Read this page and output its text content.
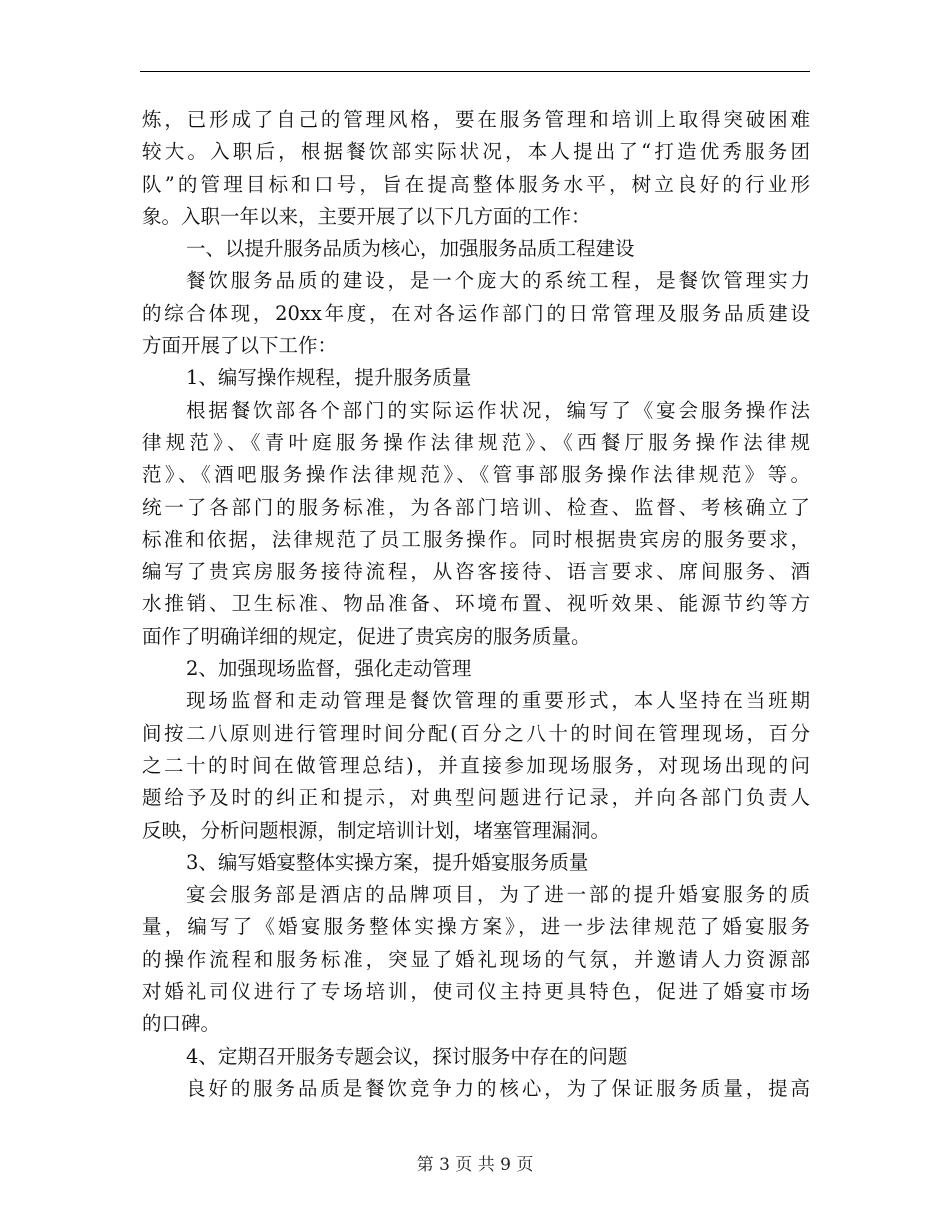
炼，已形成了自己的管理风格，要在服务管理和培训上取得突破困难
较大。入职后，根据餐饮部实际状况，本人提出了“打造优秀服务团
队”的管理目标和口号，旨在提高整体服务水平，树立良好的行业形
象。入职一年以来，主要开展了以下几方面的工作：
一、以提升服务品质为核心，加强服务品质工程建设
餐饮服务品质的建设，是一个庞大的系统工程，是餐饮管理实力
的综合体现，20xx年度，在对各运作部门的日常管理及服务品质建设
方面开展了以下工作：
1、编写操作规程，提升服务质量
根据餐饮部各个部门的实际运作状况，编写了《宴会服务操作法
律规范》、《青叶庭服务操作法律规范》、《西餐厅服务操作法律规
范》、《酒吧服务操作法律规范》、《管事部服务操作法律规范》等。
统一了各部门的服务标准，为各部门培训、检查、监督、考核确立了
标准和依据，法律规范了员工服务操作。同时根据贵宾房的服务要求，
编写了贵宾房服务接待流程，从咨客接待、语言要求、席间服务、酒
水推销、卫生标准、物品准备、环境布置、视听效果、能源节约等方
面作了明确详细的规定，促进了贵宾房的服务质量。
2、加强现场监督，强化走动管理
现场监督和走动管理是餐饮管理的重要形式，本人坚持在当班期
间按二八原则进行管理时间分配(百分之八十的时间在管理现场，百分
之二十的时间在做管理总结)，并直接参加现场服务，对现场出现的问
题给予及时的纠正和提示，对典型问题进行记录，并向各部门负责人
反映，分析问题根源，制定培训计划，堵塞管理漏洞。
3、编写婚宴整体实操方案，提升婚宴服务质量
宴会服务部是酒店的品牌项目，为了进一部的提升婚宴服务的质
量，编写了《婚宴服务整体实操方案》，进一步法律规范了婚宴服务
的操作流程和服务标准，突显了婚礼现场的气氛，并邀请人力资源部
对婚礼司仪进行了专场培训，使司仪主持更具特色，促进了婚宴市场
的口碑。
4、定期召开服务专题会议，探讨服务中存在的问题
良好的服务品质是餐饮竞争力的核心，为了保证服务质量，提高
第 3 页 共 9 页
